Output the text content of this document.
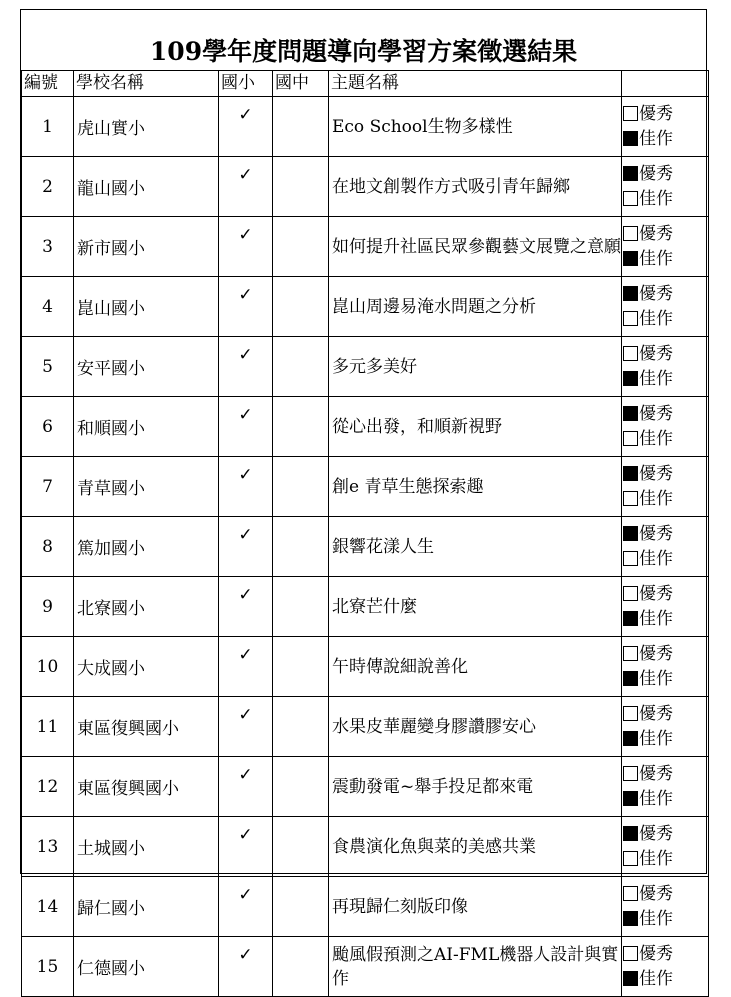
109學年度問題導向學習方案徵選結果
編號	學校名稱	國小	國中	主題名稱	
1	虎山實小	✓		Eco School生物多樣性	優秀
佳作

2	龍山國小	✓		在地文創製作方式吸引青年歸鄉	優秀
佳作

3	新市國小	✓		如何提升社區民眾參觀藝文展覽之意願	優秀
佳作

4	崑山國小	✓		崑山周邊易淹水問題之分析	優秀
佳作

5	安平國小	✓		多元多美好	優秀
佳作

6	和順國小	✓		從心出發，和順新視野	優秀
佳作

7	青草國小	✓		創e 青草生態探索趣	優秀
佳作

8	篤加國小	✓		銀響花漾人生	優秀
佳作

9	北寮國小	✓		北寮芒什麼	優秀
佳作

10	大成國小	✓		午時傳說細說善化	優秀
佳作

11	東區復興國小	✓		水果皮華麗變身膠讚膠安心	優秀
佳作

12	東區復興國小	✓		震動發電~舉手投足都來電	優秀
佳作

13	土城國小	✓		食農演化魚與菜的美感共業	優秀
佳作

14	歸仁國小	✓		再現歸仁刻版印像	優秀
佳作

15	仁德國小	✓		颱風假預測之AI-FML機器人設計與實作	優秀
佳作
